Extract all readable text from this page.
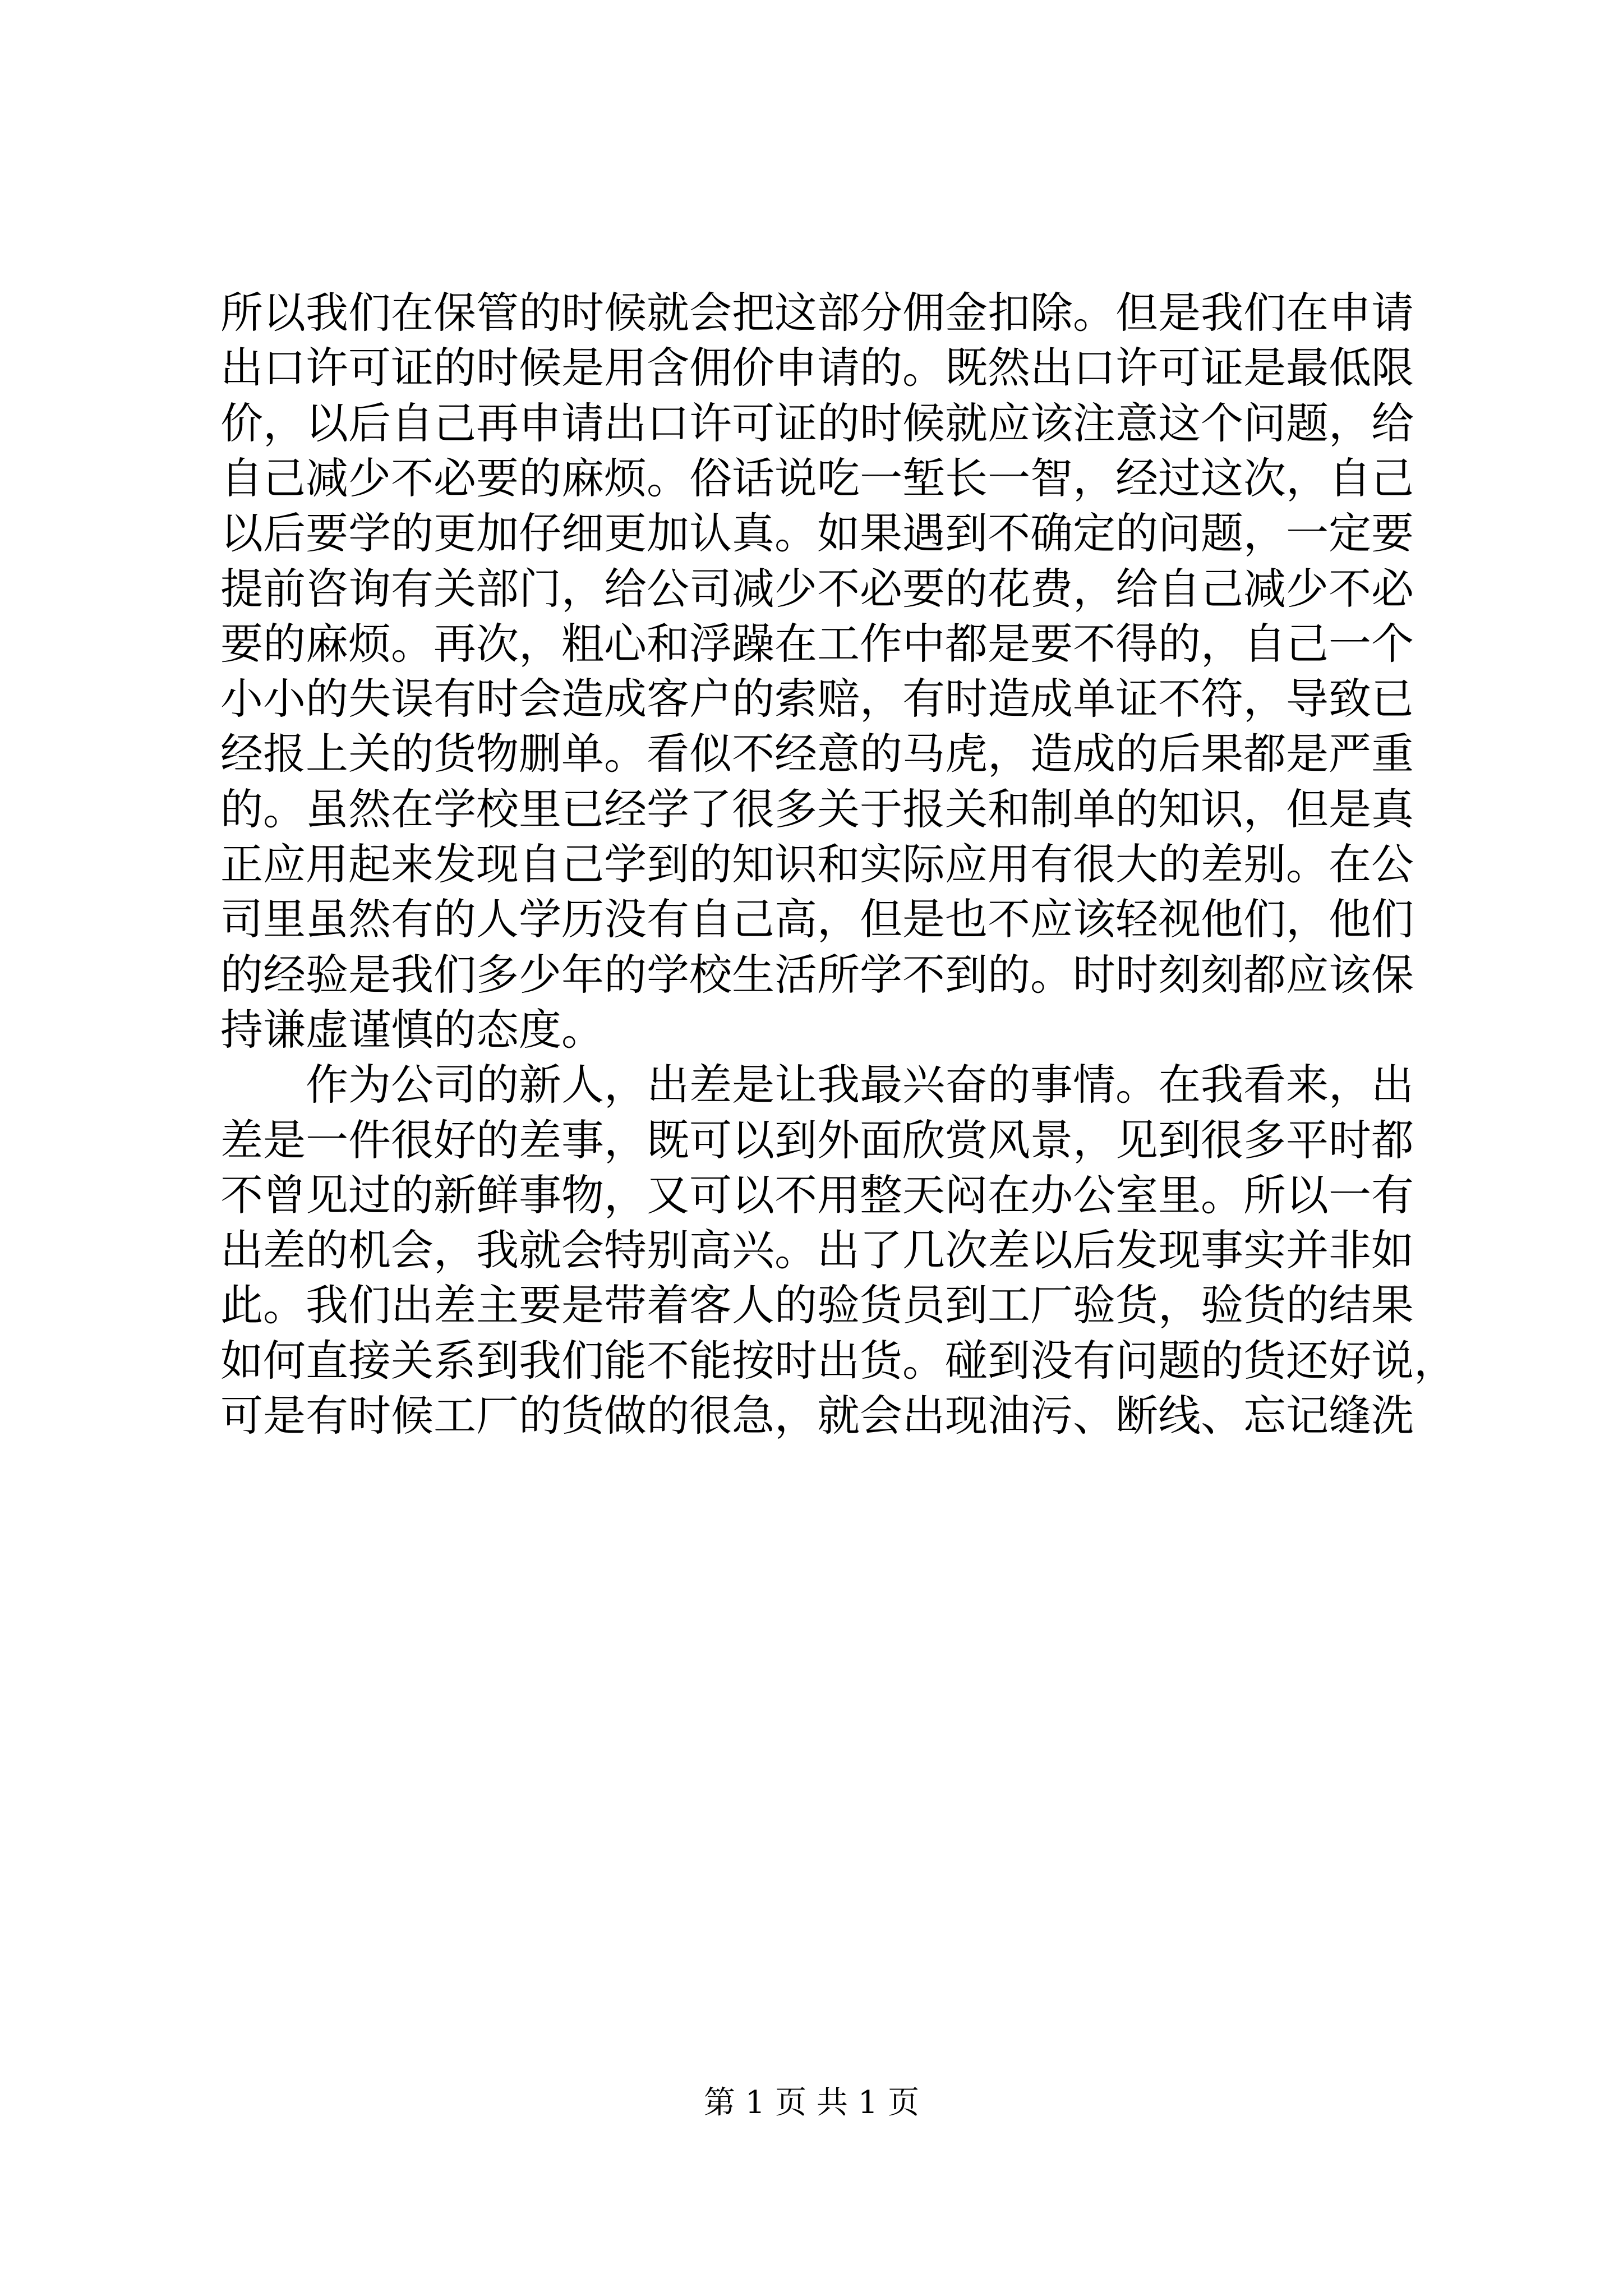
所以我们在保管的时候就会把这部分佣金扣除。但是我们在申请
出口许可证的时候是用含佣价申请的。既然出口许可证是最低限
价，以后自己再申请出口许可证的时候就应该注意这个问题，给
自己减少不必要的麻烦。俗话说吃一堑长一智，经过这次，自己
以后要学的更加仔细更加认真。如果遇到不确定的问题，一定要
提前咨询有关部门，给公司减少不必要的花费，给自己减少不必
要的麻烦。再次，粗心和浮躁在工作中都是要不得的，自己一个
小小的失误有时会造成客户的索赔，有时造成单证不符，导致已
经报上关的货物删单。看似不经意的马虎，造成的后果都是严重
的。虽然在学校里已经学了很多关于报关和制单的知识，但是真
正应用起来发现自己学到的知识和实际应用有很大的差别。在公
司里虽然有的人学历没有自己高，但是也不应该轻视他们，他们
的经验是我们多少年的学校生活所学不到的。时时刻刻都应该保
持谦虚谨慎的态度。
作为公司的新人，出差是让我最兴奋的事情。在我看来，出
差是一件很好的差事，既可以到外面欣赏风景，见到很多平时都
不曾见过的新鲜事物，又可以不用整天闷在办公室里。所以一有
出差的机会，我就会特别高兴。出了几次差以后发现事实并非如
此。我们出差主要是带着客人的验货员到工厂验货，验货的结果
如何直接关系到我们能不能按时出货。碰到没有问题的货还好说，
可是有时候工厂的货做的很急，就会出现油污、断线、忘记缝洗
第 1 页 共 1 页
